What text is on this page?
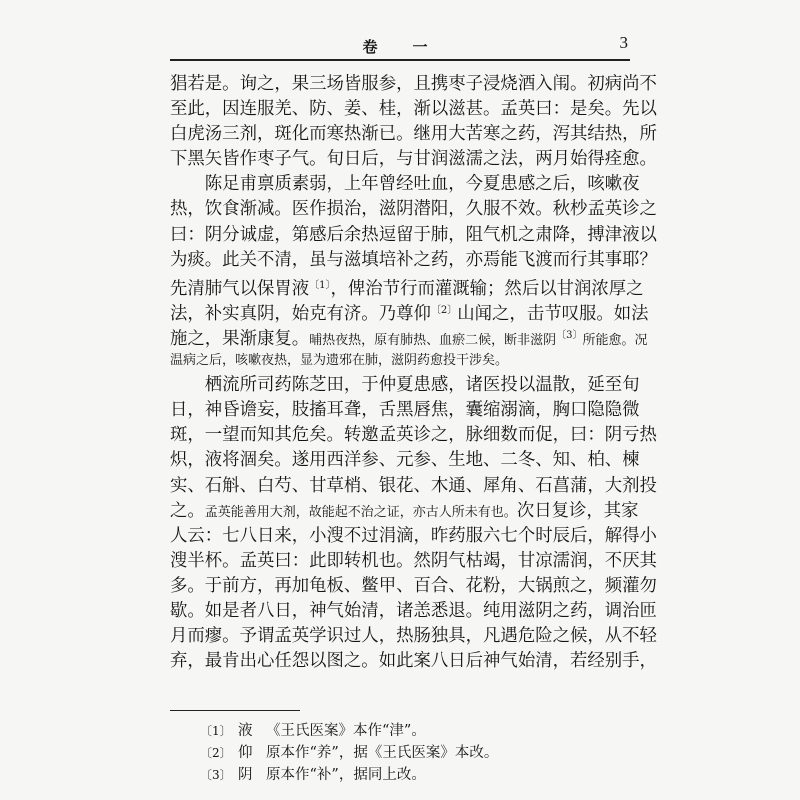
卷　一	3
猖若是。询之，果三场皆服参，且携枣子浸烧酒入闱。初病尚不
至此，因连服羌、防、姜、桂，渐以滋甚。孟英曰：是矣。先以
白虎汤三剂，斑化而寒热渐已。继用大苦寒之药，泻其结热，所
下黑矢皆作枣子气。旬日后，与甘润滋濡之法，两月始得痊愈。
　　陈足甫禀质素弱，上年曾经吐血，今夏患感之后，咳嗽夜
热，饮食渐减。医作损治，滋阴潜阳，久服不效。秋杪孟英诊之
曰：阴分诚虚，第感后余热逗留于肺，阻气机之肃降，搏津液以
为痰。此关不清，虽与滋填培补之药，亦焉能飞渡而行其事耶？
先清肺气以保胃液$^{〔1〕}$，俾治节行而灌溉输；然后以甘润浓厚之
法，补实真阴，始克有济。乃尊仰$^{〔2〕}$山闻之，击节叹服。如法
施之，果渐康复。晡热夜热，原有肺热、血瘀二候，断非滋阴$^{〔3〕}$所能愈。况
温病之后，咳嗽夜热，显为遗邪在肺，滋阴药愈投干涉矣。
　　栖流所司药陈芝田，于仲夏患感，诸医投以温散，延至旬
日，神昏谵妄，肢搐耳聋，舌黑唇焦，囊缩溺滴，胸口隐隐微
斑，一望而知其危矣。转邀孟英诊之，脉细数而促，曰：阴亏热
炽，液将涸矣。遂用西洋参、元参、生地、二冬、知、柏、楝
实、石斛、白芍、甘草梢、银花、木通、犀角、石菖蒲，大剂投
之。孟英能善用大剂，故能起不治之证，亦古人所未有也。次日复诊，其家
人云：七八日来，小溲不过涓滴，昨药服六七个时辰后，解得小
溲半杯。孟英曰：此即转机也。然阴气枯竭，甘凉濡润，不厌其
多。于前方，再加龟板、鳖甲、百合、花粉，大锅煎之，频灌勿
歇。如是者八日，神气始清，诸恙悉退。纯用滋阴之药，调治匝
月而瘳。予谓孟英学识过人，热肠独具，凡遇危险之候，从不轻
弃，最肯出心任怨以图之。如此案八日后神气始清，若经别手，
〔1〕 液 《王氏医案》本作“津”。
〔2〕 仰 原本作“养”，据《王氏医案》本改。
〔3〕 阴 原本作“补”，据同上改。
